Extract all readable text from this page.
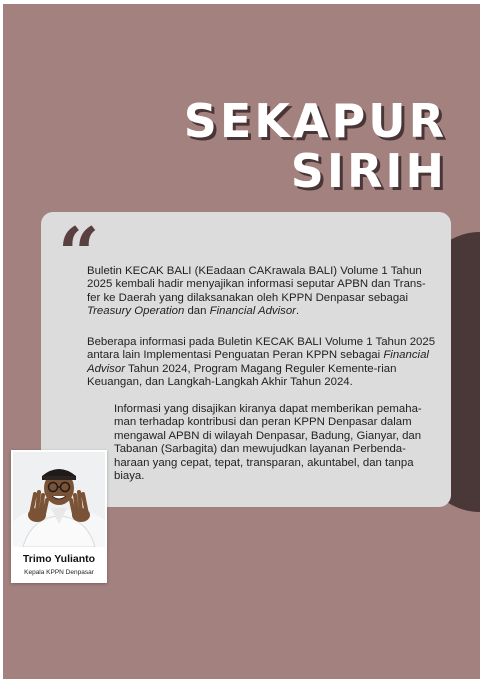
SEKAPUR
SIRIH
“
Buletin KECAK BALI (KEadaan CAKrawala BALI) Volume 1 Tahun 2025 kembali hadir menyajikan informasi seputar APBN dan Trans-fer ke Daerah yang dilaksanakan oleh KPPN Denpasar sebagai Treasury Operation dan Financial Advisor.
Beberapa informasi pada Buletin KECAK BALI Volume 1 Tahun 2025 antara lain Implementasi Penguatan Peran KPPN sebagai Financial Advisor Tahun 2024, Program Magang Reguler Kemente-rian Keuangan, dan Langkah-Langkah Akhir Tahun 2024.
Informasi yang disajikan kiranya dapat memberikan pemaha-man terhadap kontribusi dan peran KPPN Denpasar dalam mengawal APBN di wilayah Denpasar, Badung, Gianyar, dan Tabanan (Sarbagita) dan mewujudkan layanan Perbenda-haraan yang cepat, tepat, transparan, akuntabel, dan tanpa biaya.
Trimo Yulianto
Kepala KPPN Denpasar
